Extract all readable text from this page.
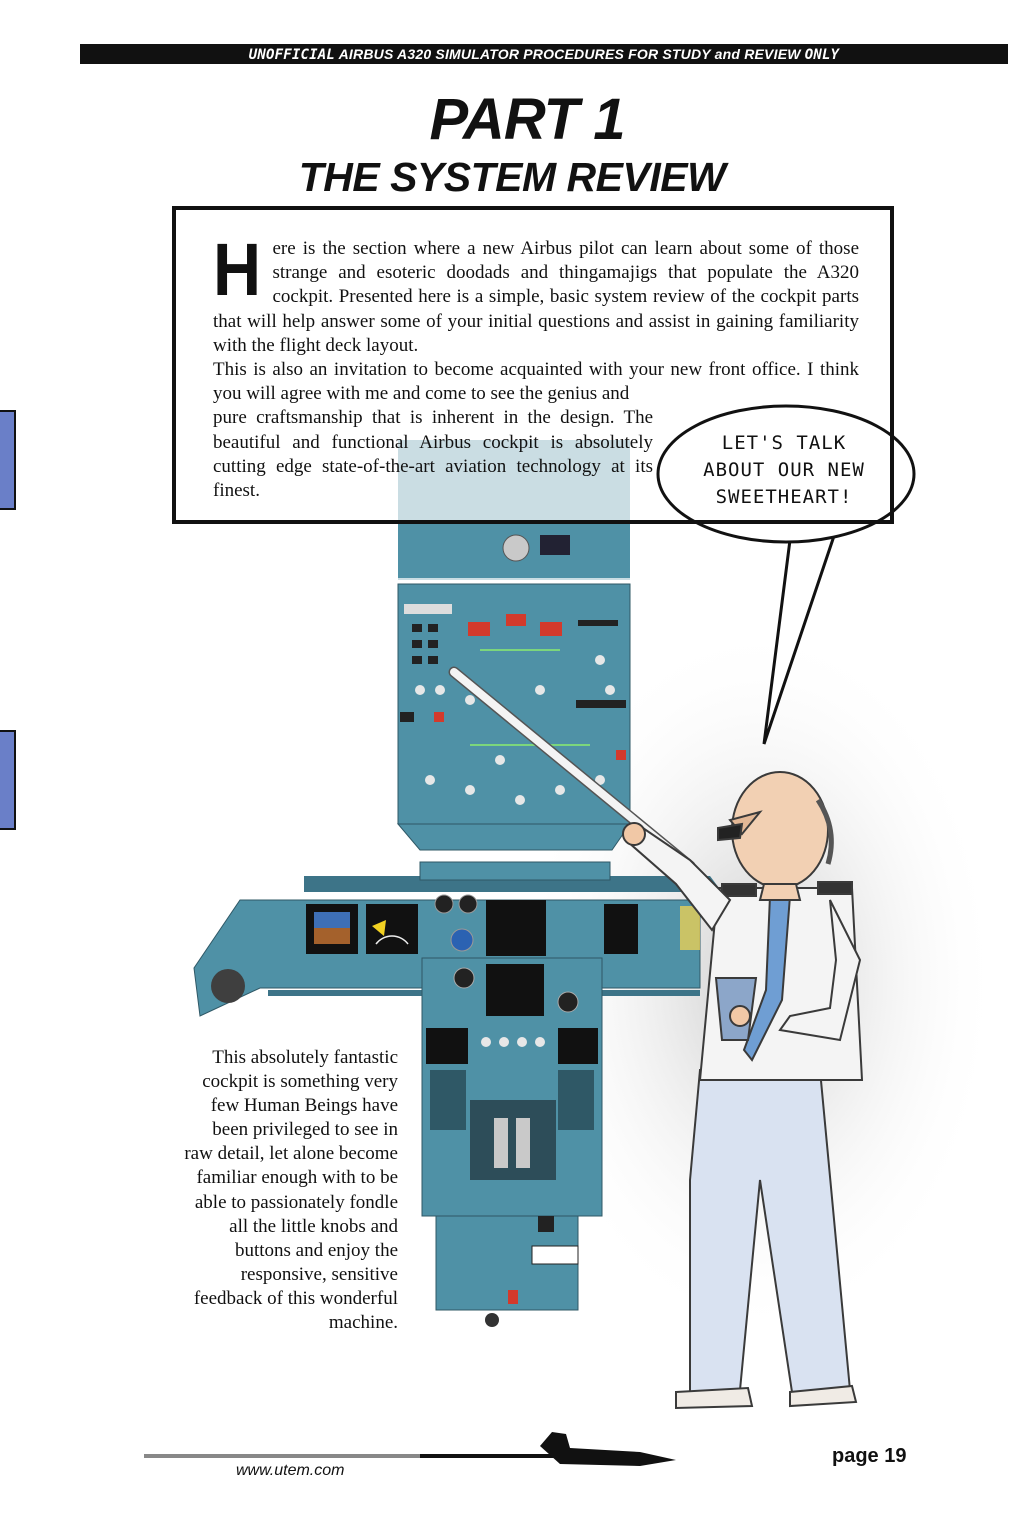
UNOFFICIAL AIRBUS A320 SIMULATOR PROCEDURES FOR STUDY and REVIEW ONLY
PART 1
THE SYSTEM REVIEW
H ere is the section where a new Airbus pilot can learn about some of those strange and esoteric doodads and thingamajigs that populate the A320 cockpit. Presented here is a simple, basic system review of the cockpit parts that will help answer some of your initial questions and assist in gaining familiarity with the flight deck layout.
This is also an invitation to become acquainted with your new front office. I think you will agree with me and come to see the genius and
pure craftsmanship that is inherent in the design. The beautiful and functional Airbus cockpit is absolutely cutting edge state-of-the-art aviation technology at its finest.
LET'S TALK
ABOUT OUR NEW
SWEETHEART!

This absolutely fantastic cockpit is something very few Human Beings have been privileged to see in raw detail, let alone become familiar enough with to be able to passionately fondle all the little knobs and buttons and enjoy the responsive, sensitive feedback of this wonderful machine.

www.utem.com
page 19
